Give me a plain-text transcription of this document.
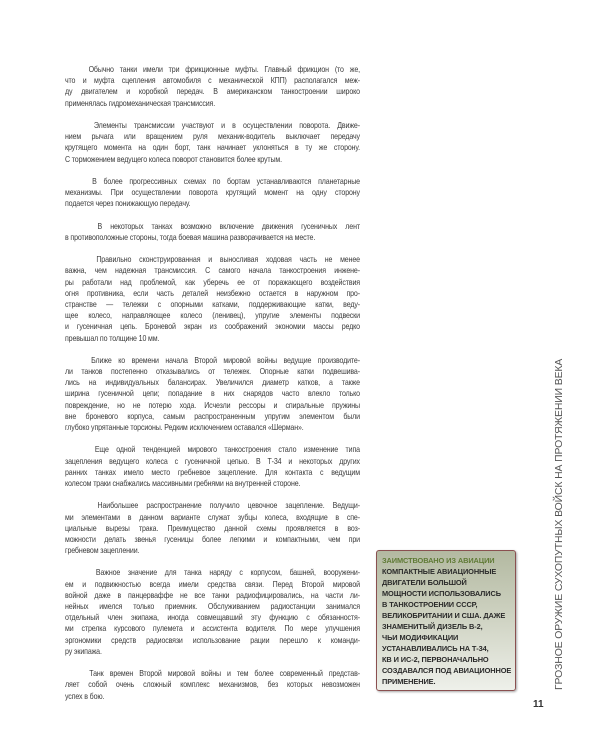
Обычно танки имели три фрикционные муфты. Главный фрикцион (то же,
что и муфта сцепления автомобиля с механической КПП) располагался меж-
ду двигателем и коробкой передач. В американском танкостроении широко
применялась гидромеханическая трансмиссия.
Элементы трансмиссии участвуют и в осуществлении поворота. Движе-
нием рычага или вращением руля механик-водитель выключает передачу
крутящего момента на один борт, танк начинает уклоняться в ту же сторону.
С торможением ведущего колеса поворот становится более крутым.
В более прогрессивных схемах по бортам устанавливаются планетарные
механизмы. При осуществлении поворота крутящий момент на одну сторону
подается через понижающую передачу.
В некоторых танках возможно включение движения гусеничных лент
в противоположные стороны, тогда боевая машина разворачивается на месте.
Правильно сконструированная и выносливая ходовая часть не менее
важна, чем надежная трансмиссия. С самого начала танкостроения инжене-
ры работали над проблемой, как уберечь ее от поражающего воздействия
огня противника, если часть деталей неизбежно остается в наружном про-
странстве — тележки с опорными катками, поддерживающие катки, веду-
щее колесо, направляющее колесо (ленивец), упругие элементы подвески
и гусеничная цепь. Броневой экран из соображений экономии массы редко
превышал по толщине 10 мм.
Ближе ко времени начала Второй мировой войны ведущие производите-
ли танков постепенно отказывались от тележек. Опорные катки подвешива-
лись на индивидуальных балансирах. Увеличился диаметр катков, а также
ширина гусеничной цепи; попадание в них снарядов часто влекло только
повреждение, но не потерю хода. Исчезли рессоры и спиральные пружины
вне броневого корпуса, самым распространенным упругим элементом были
глубоко упрятанные торсионы. Редким исключением оставался «Шерман».
Еще одной тенденцией мирового танкостроения стало изменение типа
зацепления ведущего колеса с гусеничной цепью. В Т-34 и некоторых других
ранних танках имело место гребневое зацепление. Для контакта с ведущим
колесом траки снабжались массивными гребнями на внутренней стороне.
Наибольшее распространение получило цевочное зацепление. Ведущи-
ми элементами в данном варианте служат зубцы колеса, входящие в спе-
циальные вырезы трака. Преимущество данной схемы проявляется в воз-
можности делать звенья гусеницы более легкими и компактными, чем при
гребневом зацеплении.
Важное значение для танка наряду с корпусом, башней, вооружени-
ем и подвижностью всегда имели средства связи. Перед Второй мировой
войной даже в панцерваффе не все танки радиофицировались, на части ли-
нейных имелся только приемник. Обслуживанием радиостанции занимался
отдельный член экипажа, иногда совмещавший эту функцию с обязанностя-
ми стрелка курсового пулемета и ассистента водителя. По мере улучшения
эргономики средств радиосвязи использование рации перешло к команди-
ру экипажа.
Танк времен Второй мировой войны и тем более современный представ-
ляет собой очень сложный комплекс механизмов, без которых невозможен
успех в бою.
ЗАИМСТВОВАНО ИЗ АВИАЦИИ
КОМПАКТНЫЕ АВИАЦИОННЫЕ
ДВИГАТЕЛИ БОЛЬШОЙ
МОЩНОСТИ ИСПОЛЬЗОВАЛИСЬ
В ТАНКОСТРОЕНИИ СССР,
ВЕЛИКОБРИТАНИИ И США. ДАЖЕ
ЗНАМЕНИТЫЙ ДИЗЕЛЬ В-2,
ЧЬИ МОДИФИКАЦИИ
УСТАНАВЛИВАЛИСЬ НА Т-34,
КВ И ИС-2, ПЕРВОНАЧАЛЬНО
СОЗДАВАЛСЯ ПОД АВИАЦИОННОЕ
ПРИМЕНЕНИЕ.	ГРОЗНОЕ ОРУЖИЕ СУХОПУТНЫХ ВОЙСК НА ПРОТЯЖЕНИИ ВЕКА
11
